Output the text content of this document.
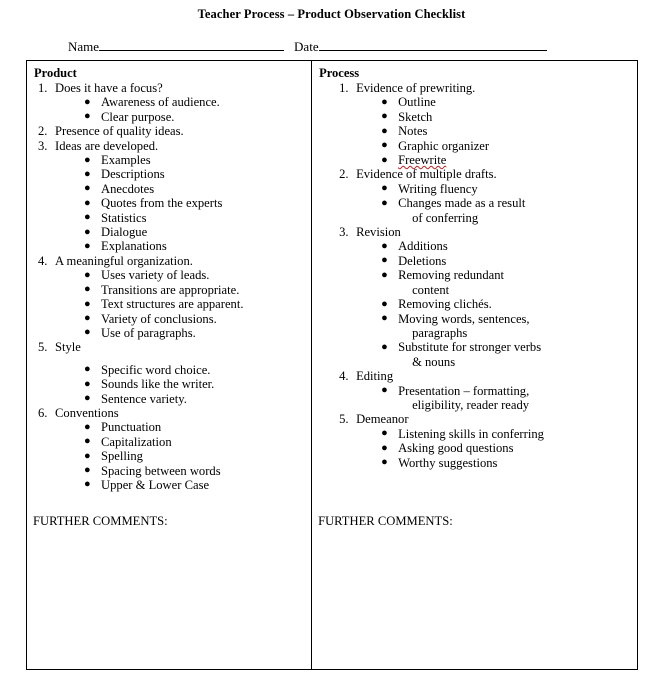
Teacher Process – Product Observation Checklist
Name	Date
Product
1. Does it have a focus?
● Awareness of audience.
● Clear purpose.
2. Presence of quality ideas.
3. Ideas are developed.
● Examples
● Descriptions
● Anecdotes
● Quotes from the experts
● Statistics
● Dialogue
● Explanations
4. A meaningful organization.
● Uses variety of leads.
● Transitions are appropriate.
● Text structures are apparent.
● Variety of conclusions.
● Use of paragraphs.
5. Style
● Specific word choice.
● Sounds like the writer.
● Sentence variety.
6. Conventions
● Punctuation
● Capitalization
● Spelling
● Spacing between words
● Upper & Lower Case
FURTHER COMMENTS:
Process
1. Evidence of prewriting.
● Outline
● Sketch
● Notes
● Graphic organizer
● Freewrite
2. Evidence of multiple drafts.
● Writing fluency
● Changes made as a result
of conferring
3. Revision
● Additions
● Deletions
● Removing redundant
content
● Removing clichés.
● Moving words, sentences,
paragraphs
● Substitute for stronger verbs
& nouns
4. Editing
● Presentation – formatting,
eligibility, reader ready
5. Demeanor
● Listening skills in conferring
● Asking good questions
● Worthy suggestions
FURTHER COMMENTS:
